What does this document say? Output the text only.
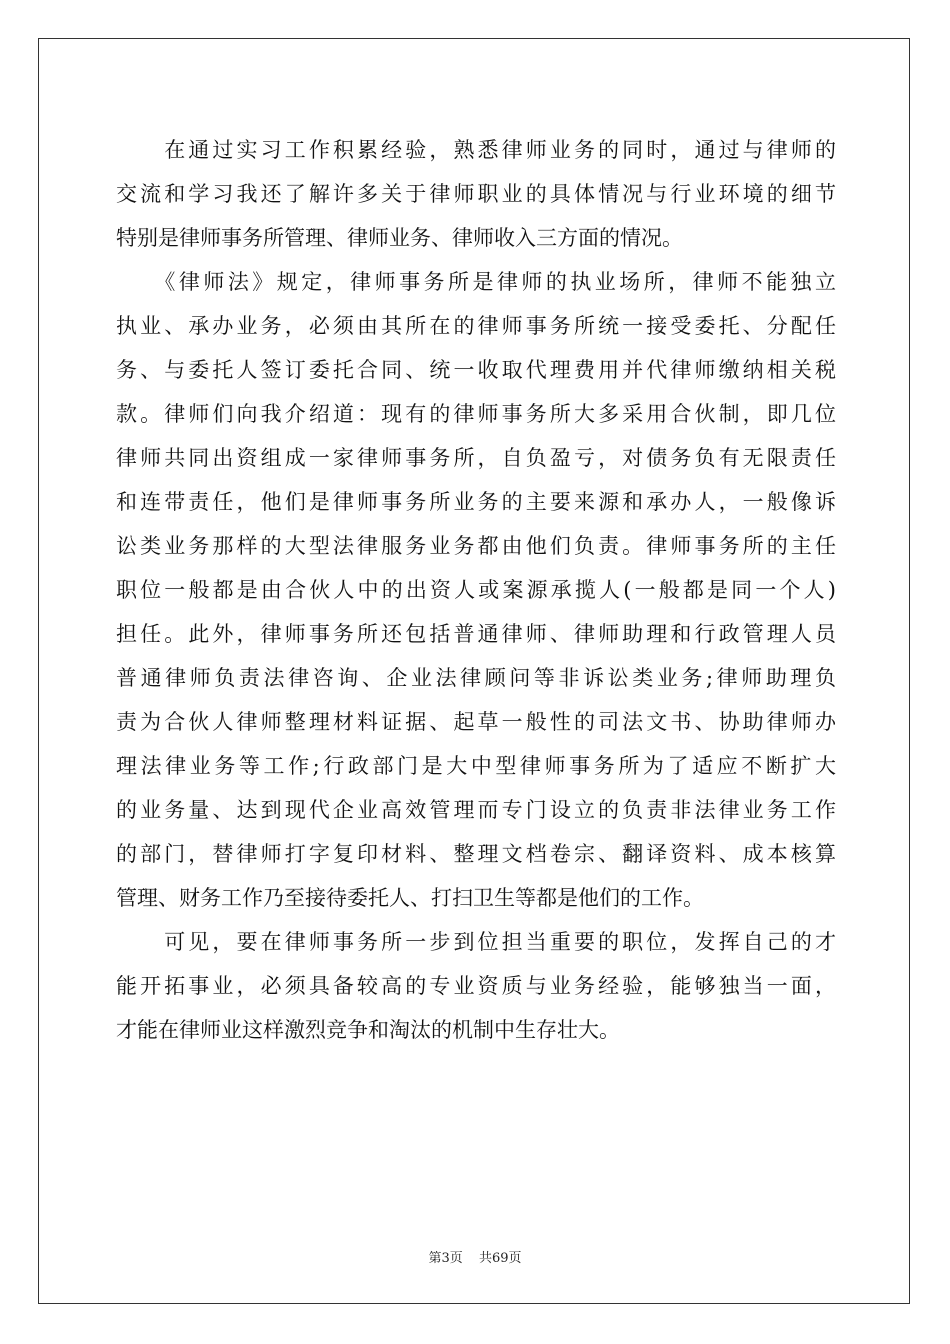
　　在通过实习工作积累经验，熟悉律师业务的同时，通过与律师的
交流和学习我还了解许多关于律师职业的具体情况与行业环境的细节
特别是律师事务所管理、律师业务、律师收入三方面的情况。
　　《律师法》规定，律师事务所是律师的执业场所，律师不能独立
执业、承办业务，必须由其所在的律师事务所统一接受委托、分配任
务、与委托人签订委托合同、统一收取代理费用并代律师缴纳相关税
款。律师们向我介绍道：现有的律师事务所大多采用合伙制，即几位
律师共同出资组成一家律师事务所，自负盈亏，对债务负有无限责任
和连带责任，他们是律师事务所业务的主要来源和承办人，一般像诉
讼类业务那样的大型法律服务业务都由他们负责。律师事务所的主任
职位一般都是由合伙人中的出资人或案源承揽人(一般都是同一个人)
担任。此外，律师事务所还包括普通律师、律师助理和行政管理人员
普通律师负责法律咨询、企业法律顾问等非诉讼类业务;律师助理负
责为合伙人律师整理材料证据、起草一般性的司法文书、协助律师办
理法律业务等工作;行政部门是大中型律师事务所为了适应不断扩大
的业务量、达到现代企业高效管理而专门设立的负责非法律业务工作
的部门，替律师打字复印材料、整理文档卷宗、翻译资料、成本核算
管理、财务工作乃至接待委托人、打扫卫生等都是他们的工作。
　　可见，要在律师事务所一步到位担当重要的职位，发挥自己的才
能开拓事业，必须具备较高的专业资质与业务经验，能够独当一面，
才能在律师业这样激烈竞争和淘汰的机制中生存壮大。
第3页 共69页
